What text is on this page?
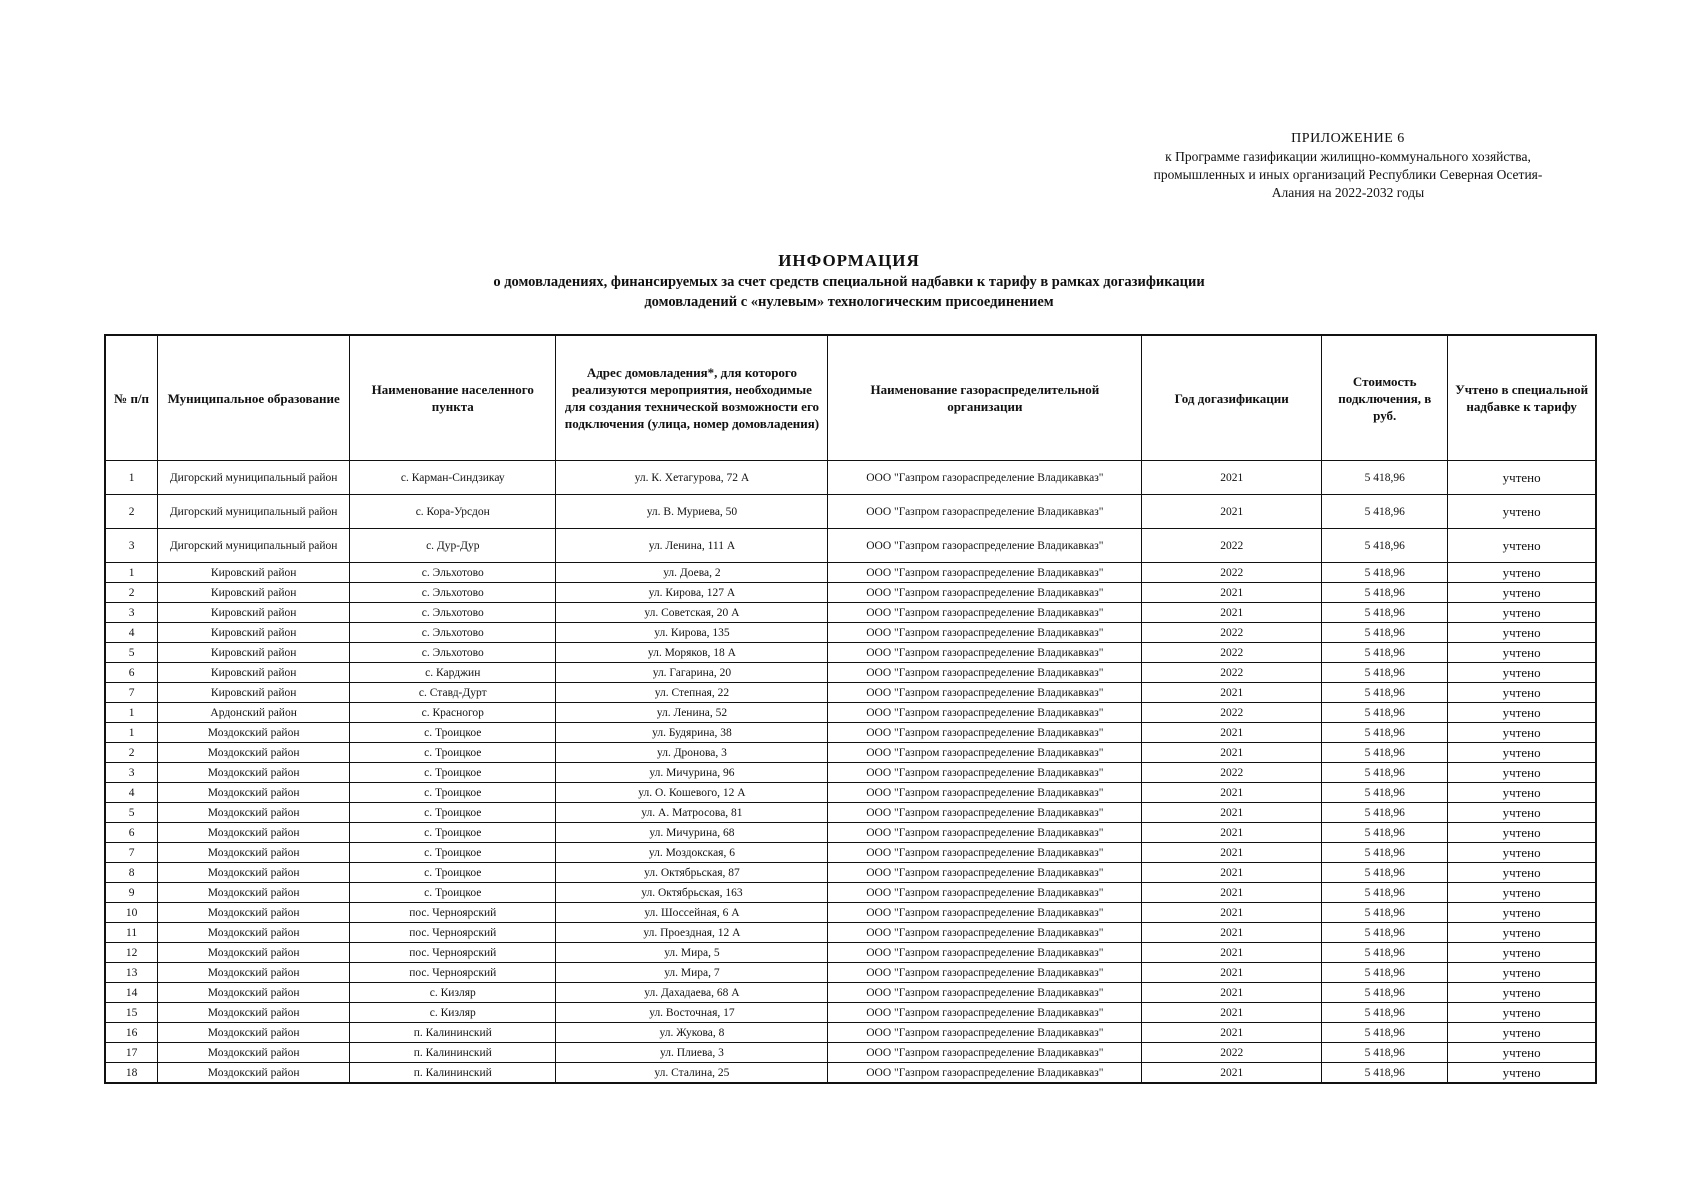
ПРИЛОЖЕНИЕ 6
к Программе газификации жилищно-коммунального хозяйства,
промышленных и иных организаций Республики Северная Осетия-
Алания на 2022-2032 годы
ИНФОРМАЦИЯ
о домовладениях, финансируемых за счет средств специальной надбавки к тарифу в рамках догазификации
домовладений с «нулевым» технологическим присоединением
№ п/п	Муниципальное образование	Наименование населенного пункта	Адрес домовладения*, для которого реализуются мероприятия, необходимые для создания технической возможности его подключения (улица, номер домовладения)	Наименование газораспределительной организации	Год догазификации	Стоимость подключения, в руб.	Учтено в специальной надбавке к тарифу
1	Дигорский муниципальный район	с. Карман-Синдзикау	ул. К. Хетагурова, 72 А	ООО "Газпром газораспределение Владикавказ"	2021	5 418,96	учтено
2	Дигорский муниципальный район	с. Кора-Урсдон	ул. В. Муриева, 50	ООО "Газпром газораспределение Владикавказ"	2021	5 418,96	учтено
3	Дигорский муниципальный район	с. Дур-Дур	ул. Ленина, 111 А	ООО "Газпром газораспределение Владикавказ"	2022	5 418,96	учтено
1	Кировский район	с. Эльхотово	ул. Доева, 2	ООО "Газпром газораспределение Владикавказ"	2022	5 418,96	учтено
2	Кировский район	с. Эльхотово	ул. Кирова, 127 А	ООО "Газпром газораспределение Владикавказ"	2021	5 418,96	учтено
3	Кировский район	с. Эльхотово	ул. Советская, 20 А	ООО "Газпром газораспределение Владикавказ"	2021	5 418,96	учтено
4	Кировский район	с. Эльхотово	ул. Кирова, 135	ООО "Газпром газораспределение Владикавказ"	2022	5 418,96	учтено
5	Кировский район	с. Эльхотово	ул. Моряков, 18 А	ООО "Газпром газораспределение Владикавказ"	2022	5 418,96	учтено
6	Кировский район	с. Карджин	ул. Гагарина, 20	ООО "Газпром газораспределение Владикавказ"	2022	5 418,96	учтено
7	Кировский район	с. Ставд-Дурт	ул. Степная, 22	ООО "Газпром газораспределение Владикавказ"	2021	5 418,96	учтено
1	Ардонский район	с. Красногор	ул. Ленина, 52	ООО "Газпром газораспределение Владикавказ"	2022	5 418,96	учтено
1	Моздокский район	с. Троицкое	ул. Будярина, 38	ООО "Газпром газораспределение Владикавказ"	2021	5 418,96	учтено
2	Моздокский район	с. Троицкое	ул. Дронова, 3	ООО "Газпром газораспределение Владикавказ"	2021	5 418,96	учтено
3	Моздокский район	с. Троицкое	ул. Мичурина, 96	ООО "Газпром газораспределение Владикавказ"	2022	5 418,96	учтено
4	Моздокский район	с. Троицкое	ул. О. Кошевого, 12 А	ООО "Газпром газораспределение Владикавказ"	2021	5 418,96	учтено
5	Моздокский район	с. Троицкое	ул. А. Матросова, 81	ООО "Газпром газораспределение Владикавказ"	2021	5 418,96	учтено
6	Моздокский район	с. Троицкое	ул. Мичурина, 68	ООО "Газпром газораспределение Владикавказ"	2021	5 418,96	учтено
7	Моздокский район	с. Троицкое	ул. Моздокская, 6	ООО "Газпром газораспределение Владикавказ"	2021	5 418,96	учтено
8	Моздокский район	с. Троицкое	ул. Октябрьская, 87	ООО "Газпром газораспределение Владикавказ"	2021	5 418,96	учтено
9	Моздокский район	с. Троицкое	ул. Октябрьская, 163	ООО "Газпром газораспределение Владикавказ"	2021	5 418,96	учтено
10	Моздокский район	пос. Черноярский	ул. Шоссейная, 6 А	ООО "Газпром газораспределение Владикавказ"	2021	5 418,96	учтено
11	Моздокский район	пос. Черноярский	ул. Проездная, 12 А	ООО "Газпром газораспределение Владикавказ"	2021	5 418,96	учтено
12	Моздокский район	пос. Черноярский	ул. Мира, 5	ООО "Газпром газораспределение Владикавказ"	2021	5 418,96	учтено
13	Моздокский район	пос. Черноярский	ул. Мира, 7	ООО "Газпром газораспределение Владикавказ"	2021	5 418,96	учтено
14	Моздокский район	с. Кизляр	ул. Дахадаева, 68 А	ООО "Газпром газораспределение Владикавказ"	2021	5 418,96	учтено
15	Моздокский район	с. Кизляр	ул. Восточная, 17	ООО "Газпром газораспределение Владикавказ"	2021	5 418,96	учтено
16	Моздокский район	п. Калининский	ул. Жукова, 8	ООО "Газпром газораспределение Владикавказ"	2021	5 418,96	учтено
17	Моздокский район	п. Калининский	ул. Плиева, 3	ООО "Газпром газораспределение Владикавказ"	2022	5 418,96	учтено
18	Моздокский район	п. Калининский	ул. Сталина, 25	ООО "Газпром газораспределение Владикавказ"	2021	5 418,96	учтено
